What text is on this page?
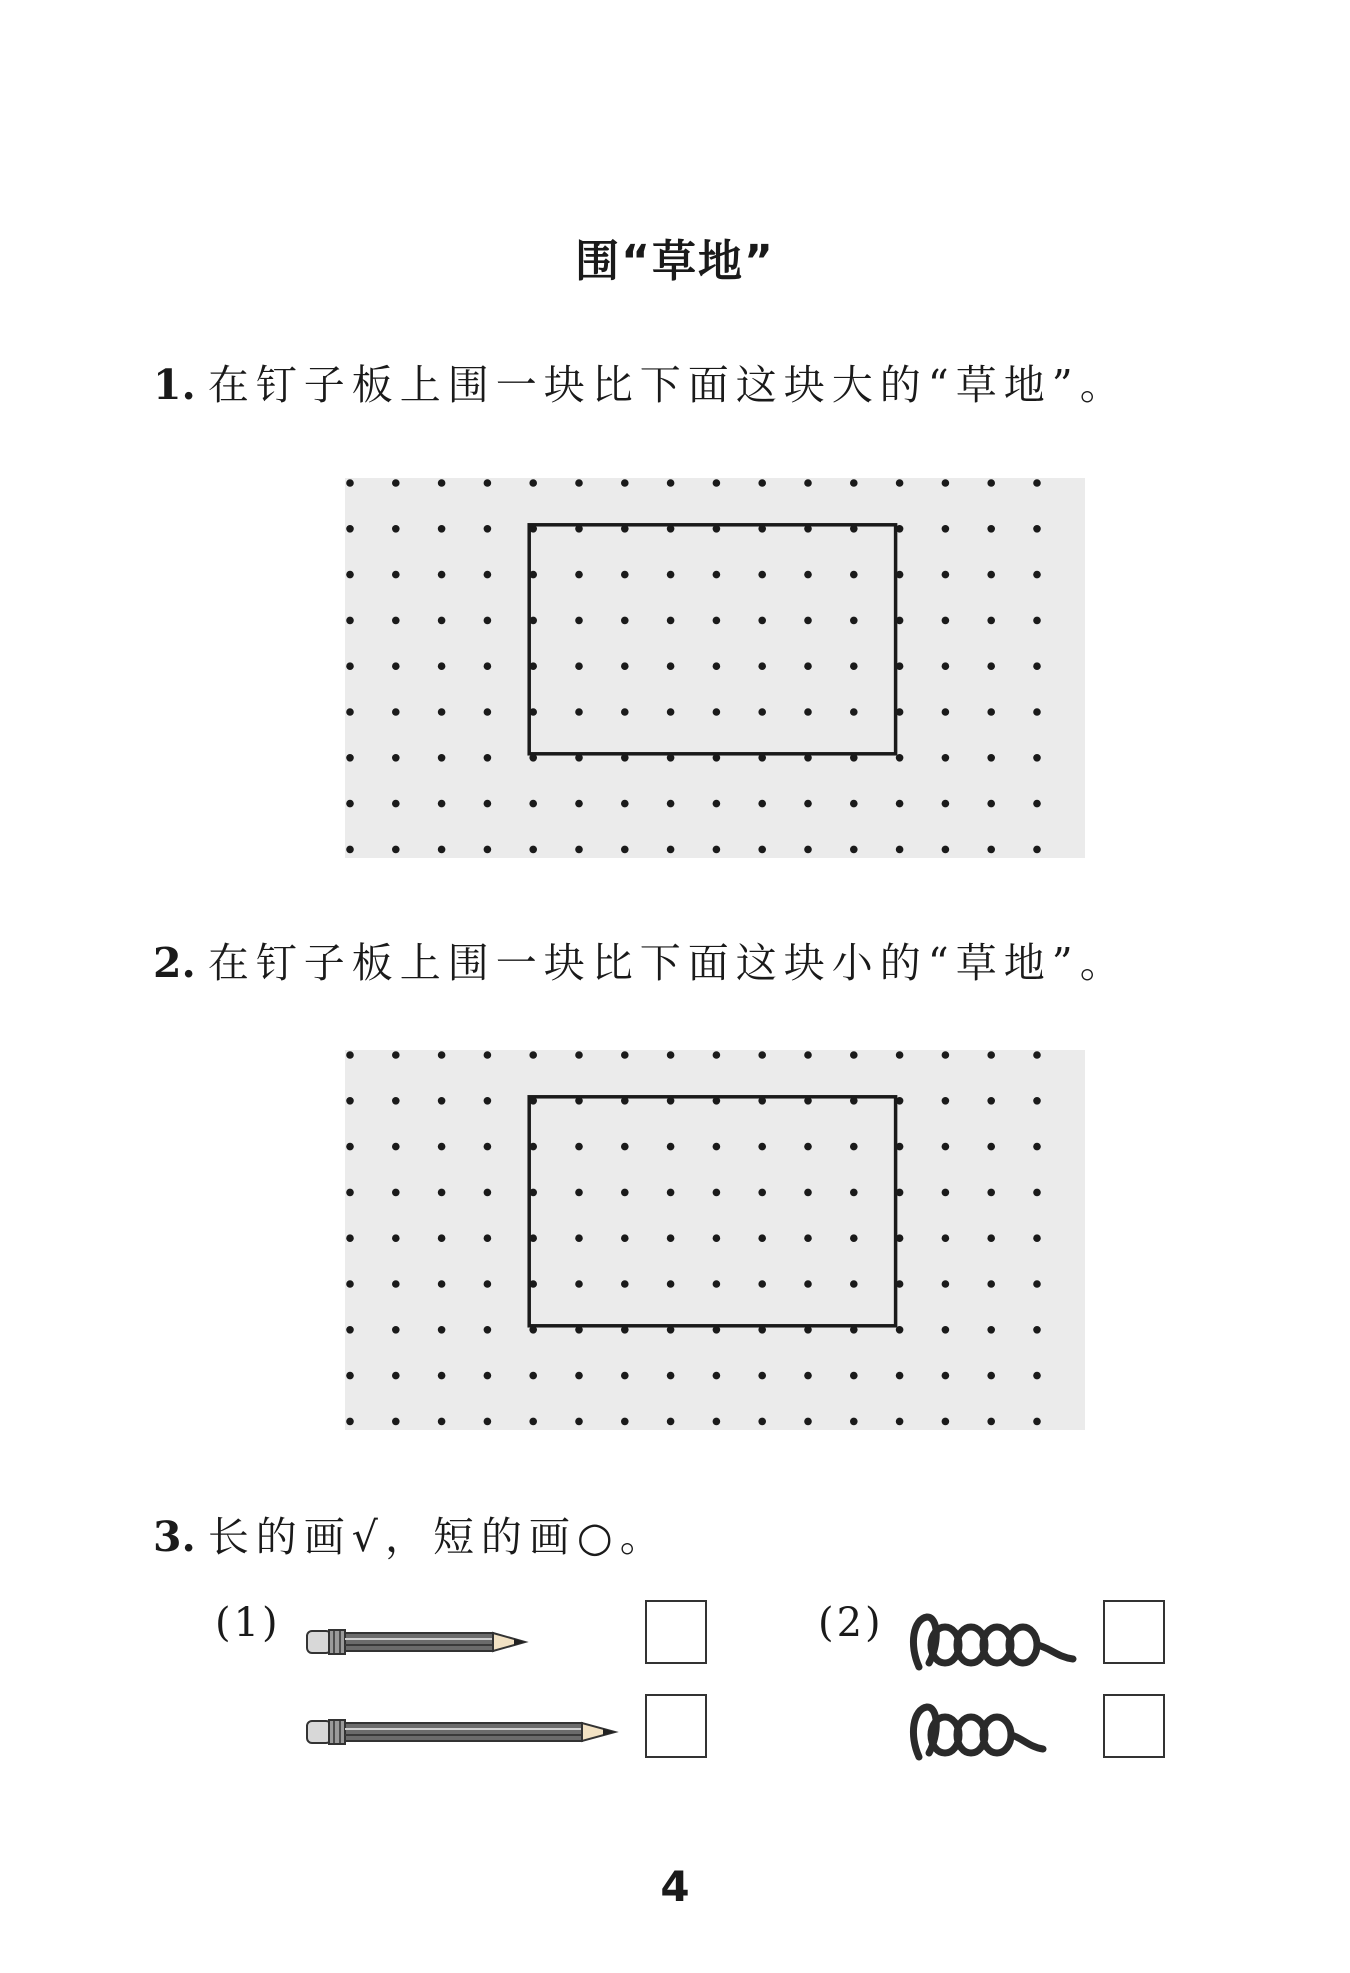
围“草地”
1. 在钉子板上围一块比下面这块大的“草地”。
2. 在钉子板上围一块比下面这块小的“草地”。
3. 长的画√，短的画○。
(1)	(2)
4
